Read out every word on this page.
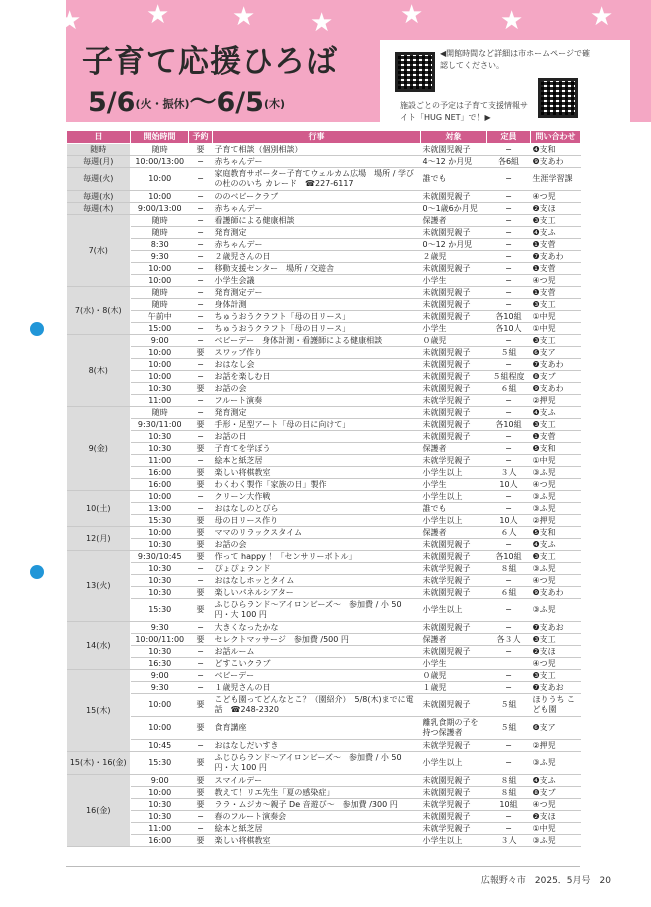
★ ★ ★ ★	★	★	★
子育て応援ひろば
5/6(火・振休)～6/5(木)
◀開館時間など詳細は市ホームページで確認してください。
施設ごとの予定は子育て支援情報サイト「HUG NET」で！▶
日	開始時間	予約	行事	対象	定員	問い合わせ
随時	随時	要	子育て相談（個別相談）	未就園児親子	−	❹支和
毎週(月)	10:00/13:00	−	赤ちゃんデー	4～12 か月児	各6組	❾支あわ
毎週(火)	10:00	−	家庭教育サポーター子育てウェルカム広場　場所 / 学びの杜ののいち カレード　☎227-6117	誰でも	−	生涯学習課
毎週(水)	10:00	−	ののベビークラブ	未就園児親子	−	④つ児
毎週(木)	9:00/13:00	−	赤ちゃんデー	0～1歳6か月児	−	❷支ほ
7(水)	随時	−	看護師による健康相談	保護者	−	❸支工
	随時	−	発育測定	未就園児親子	−	❹支ふ
	8:30	−	赤ちゃんデー	0～12 か月児	−	❶支菅
	9:30	−	２歳児さんの日	２歳児	−	❼支あわ
	10:00	−	移動支援センター　場所 / 交遊舎	未就園児親子	−	❶支菅
	10:00	−	小学生会議	小学生	−	④つ児
7(水)・8(木)	随時	−	発育測定デー	未就園児親子	−	❶支菅
	随時	−	身体計測	未就園児親子	−	❸支工
	午前中	−	ちゅうおうクラフト「母の日リース」	未就園児親子	各10組	①中児
	15:00	−	ちゅうおうクラフト「母の日リース」	小学生	各10人	①中児
8(木)	9:00	−	ベビーデー　身体計測・看護師による健康相談	０歳児	−	❸支工
	10:00	要	スワップ作り	未就園児親子	５組	❻支ア
	10:00	−	おはなし会	未就園児親子	−	❼支あわ
	10:00	−	お話を楽しむ日	未就園児親子	５組程度	❽支ブ
	10:30	要	お話の会	未就園児親子	６組	❾支あわ
	11:00	−	フルート演奏	未就学児親子	−	②押児
9(金)	随時	−	発育測定	未就園児親子	−	❹支ふ
	9:30/11:00	要	手形・足型アート「母の日に向けて」	未就園児親子	各10組	❸支工
	10:30	−	お話の日	未就園児親子	−	❶支菅
	10:30	要	子育てを学ぼう	保護者	−	❺支和
	11:00	−	絵本と紙芝居	未就学児親子	−	①中児
	16:00	要	楽しい将棋教室	小学生以上	３人	③ふ児
	16:00	要	わくわく製作「家族の日」製作	小学生	10人	④つ児
10(土)	10:00	−	クリーン大作戦	小学生以上	−	③ふ児
	13:00	−	おはなしのとびら	誰でも	−	③ふ児
	15:30	要	母の日リース作り	小学生以上	10人	②押児
12(月)	10:00	要	ママのリラックスタイム	保護者	６人	❺支和
	10:30	要	お話の会	未就園児親子	−	❹支ふ
13(火)	9:30/10:45	要	作って happy ！「センサリーボトル」	未就園児親子	各10組	❸支工
	10:30	−	ぴょぴょランド	未就学児親子	８組	③ふ児
	10:30	−	おはなしホッとタイム	未就学児親子	−	④つ児
	10:30	要	楽しいパネルシアター	未就園児親子	６組	❾支あわ
	15:30	要	ふじひらランド～アイロンビーズ～　参加費 / 小 50 円・大 100 円	小学生以上	−	③ふ児
14(水)	9:30	−	大きくなったかな	未就園児親子	−	❼支あお
	10:00/11:00	要	セレクトマッサージ　参加費 /500 円	保護者	各３人	❸支工
	10:30	−	お話ルーム	未就園児親子	−	❷支ほ
	16:30	−	どすこいクラブ	小学生		④つ児
15(木)	9:00	−	ベビーデー	０歳児	−	❸支工
	9:30	−	１歳児さんの日	１歳児	−	❼支あお
	10:00	要	こども園ってどんなとこ？（園紹介）　5/8(木)までに電話　☎248-2320	未就園児親子	５組	ほりうち こども園
	10:00	要	食育講座	離乳食期の子を持つ保護者	５組	❻支ア
	10:45	−	おはなしだいすき	未就学児親子	−	②押児
15(木)・16(金)	15:30	要	ふじひらランド～アイロンビーズ～　参加費 / 小 50 円・大 100 円	小学生以上	−	③ふ児
16(金)	9:00	要	スマイルデー	未就園児親子	８組	❹支ふ
	10:00	要	教えて！リエ先生「夏の感染症」	未就園児親子	８組	❽支ブ
	10:30	要	ララ・ムジカ～親子 De 音遊び～　参加費 /300 円	未就学児親子	10組	④つ児
	10:30	−	春のフルート演奏会	未就園児親子	−	❷支ほ
	11:00	−	絵本と紙芝居	未就学児親子	−	①中児
	16:00	要	楽しい将棋教室	小学生以上	３人	③ふ児
広報野々市　2025．5月号　20
